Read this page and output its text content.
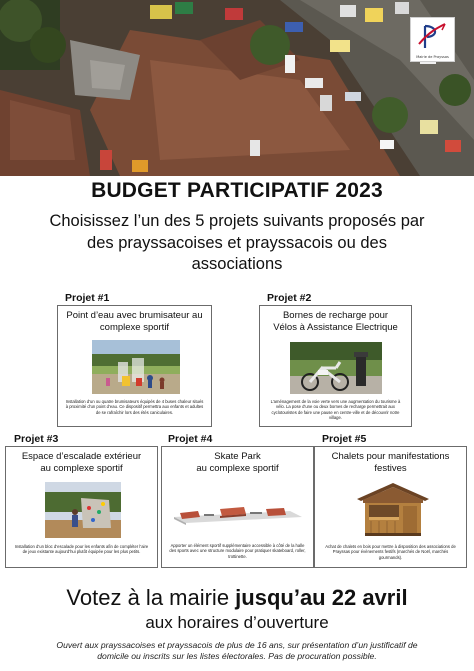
Mairie de Prayssas
BUDGET PARTICIPATIF 2023
Choisissez l’un des 5 projets suivants proposés par
des prayssacoises et prayssacois ou des
associations
Projet #1
Point d’eau avec brumisateur au
complexe sportif
Installation d’un ou quatre brumisateurs équipés de 4 buses chaleur situés à proximité d’un point d’eau. Ce dispositif permettra aux enfants et adultes de se rafraîchir lors des étés caniculaires.
Projet #2
Bornes de recharge pour
Vélos à Assistance Electrique
L’aménagement de la voie verte vers une augmentation du tourisme à vélo. La pose d’une ou deux bornes de recharge permettrait aux cyclotouristes de faire une pause en centre-ville et de découvrir notre village.
Projet #3
Espace d’escalade extérieur
au complexe sportif
Installation d’un bloc d’escalade pour les enfants afin de compléter l’aire de jeux existante aujourd’hui plutôt équipée pour les plus petits.
Projet #4
Skate Park
au complexe sportif
Apporter un élément sportif supplémentaire accessible à côté de la halle des sports avec une structure modulaire pour pratiquer skateboard, roller, trottinette.
Projet #5
Chalets pour manifestations
festives
Achat de chalets en bois pour mettre à disposition des associations de Prayssas pour évènements festifs (marchés de Noël, marchés gourmands).
Votez à la mairie jusqu’au 22 avril
aux horaires d’ouverture
Ouvert aux prayssacoises et prayssacois de plus de 16 ans, sur présentation d’un justificatif de
domicile ou inscrits sur les listes électorales. Pas de procuration possible.
